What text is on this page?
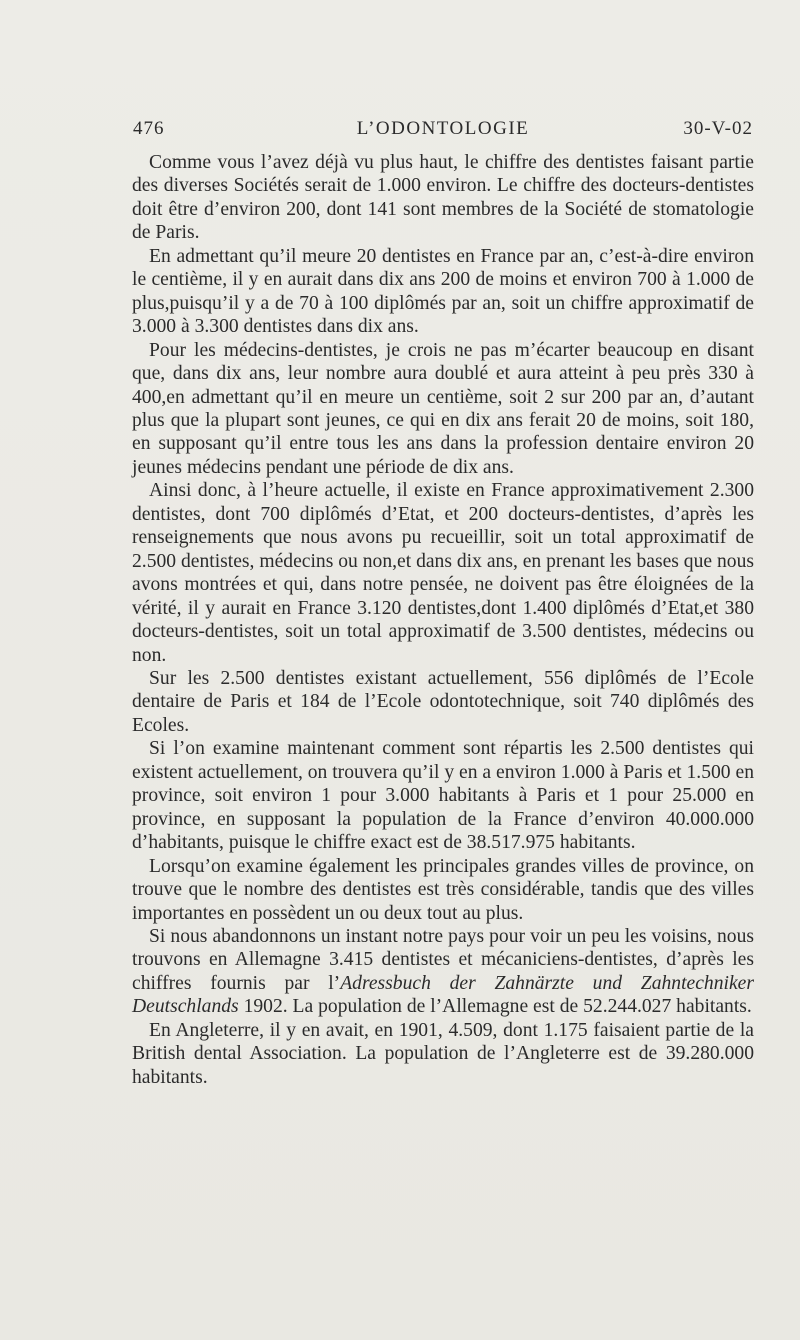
476	L’ODONTOLOGIE	30-V-02

Comme vous l’avez déjà vu plus haut, le chiffre des dentistes faisant partie des diverses Sociétés serait de 1.000 environ. Le chiffre des docteurs-dentistes doit être d’environ 200, dont 141 sont membres de la Société de stomatologie de Paris.

En admettant qu’il meure 20 dentistes en France par an, c’est-à-dire environ le centième, il y en aurait dans dix ans 200 de moins et environ 700 à 1.000 de plus,puisqu’il y a de 70 à 100 diplômés par an, soit un chiffre approximatif de 3.000 à 3.300 dentistes dans dix ans.

Pour les médecins-dentistes, je crois ne pas m’écarter beaucoup en disant que, dans dix ans, leur nombre aura doublé et aura atteint à peu près 330 à 400,en admettant qu’il en meure un centième, soit 2 sur 200 par an, d’autant plus que la plupart sont jeunes, ce qui en dix ans ferait 20 de moins, soit 180, en supposant qu’il entre tous les ans dans la profession dentaire environ 20 jeunes médecins pendant une période de dix ans.

Ainsi donc, à l’heure actuelle, il existe en France approximativement 2.300 dentistes, dont 700 diplômés d’Etat, et 200 docteurs-dentistes, d’après les renseignements que nous avons pu recueillir, soit un total approximatif de 2.500 dentistes, médecins ou non,et dans dix ans, en prenant les bases que nous avons montrées et qui, dans notre pensée, ne doivent pas être éloignées de la vérité, il y aurait en France 3.120 dentistes,dont 1.400 diplômés d’Etat,et 380 docteurs-dentistes, soit un total approximatif de 3.500 dentistes, médecins ou non.

Sur les 2.500 dentistes existant actuellement, 556 diplômés de l’Ecole dentaire de Paris et 184 de l’Ecole odontotechnique, soit 740 diplômés des Ecoles.

Si l’on examine maintenant comment sont répartis les 2.500 dentistes qui existent actuellement, on trouvera qu’il y en a environ 1.000 à Paris et 1.500 en province, soit environ 1 pour 3.000 habitants à Paris et 1 pour 25.000 en province, en supposant la population de la France d’environ 40.000.000 d’habitants, puisque le chiffre exact est de 38.517.975 habitants.

Lorsqu’on examine également les principales grandes villes de province, on trouve que le nombre des dentistes est très considérable, tandis que des villes importantes en possèdent un ou deux tout au plus.

Si nous abandonnons un instant notre pays pour voir un peu les voisins, nous trouvons en Allemagne 3.415 dentistes et mécaniciens-dentistes, d’après les chiffres fournis par l’Adressbuch der Zahnärzte und Zahntechniker Deutschlands 1902. La population de l’Allemagne est de 52.244.027 habitants.

En Angleterre, il y en avait, en 1901, 4.509, dont 1.175 faisaient partie de la British dental Association. La population de l’Angleterre est de 39.280.000 habitants.
